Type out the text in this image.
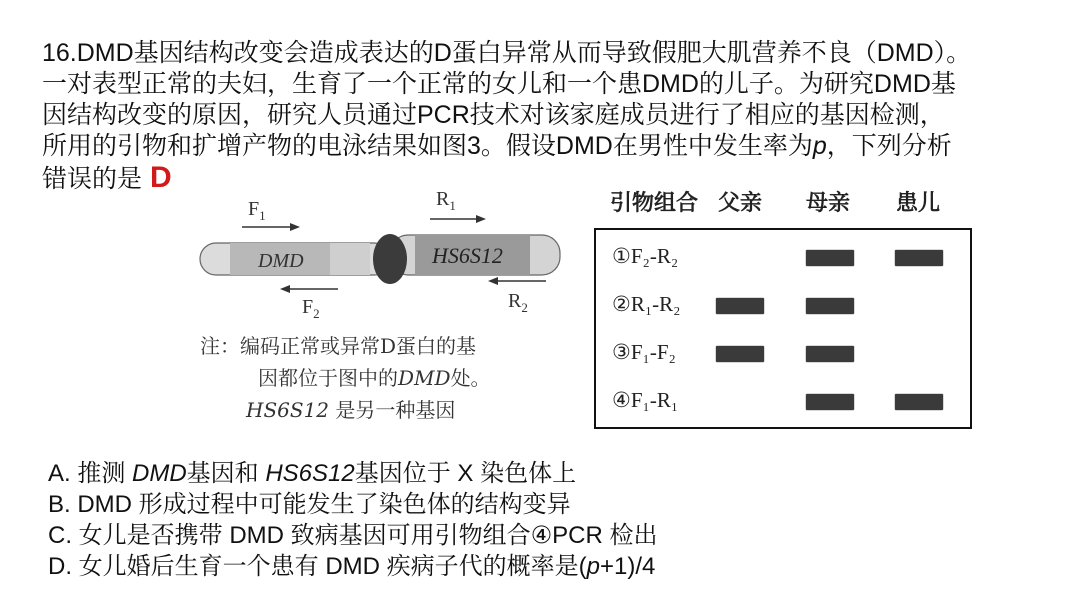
16.DMD基因结构改变会造成表达的D蛋白异常从而导致假肥大肌营养不良（DMD）。
一对表型正常的夫妇，生育了一个正常的女儿和一个患DMD的儿子。为研究DMD基
因结构改变的原因，研究人员通过PCR技术对该家庭成员进行了相应的基因检测，
所用的引物和扩增产物的电泳结果如图3。假设DMD在男性中发生率为p，下列分析
错误的是 D
$F_1$
$R_1$
$F_2$
$R_2$
DMD	HS6S12
注：编码正常或异常D蛋白的基
因都位于图中的DMD处。
HS6S12 是另一种基因
引物组合 父亲 母亲 患儿
①F₂-R₂
②R₁-R₂
③F₁-F₂
④F₁-R₁
A. 推测 DMD基因和 HS6S12基因位于 X 染色体上
B. DMD 形成过程中可能发生了染色体的结构变异
C. 女儿是否携带 DMD 致病基因可用引物组合④PCR 检出
D. 女儿婚后生育一个患有 DMD 疾病子代的概率是(p+1)/4
